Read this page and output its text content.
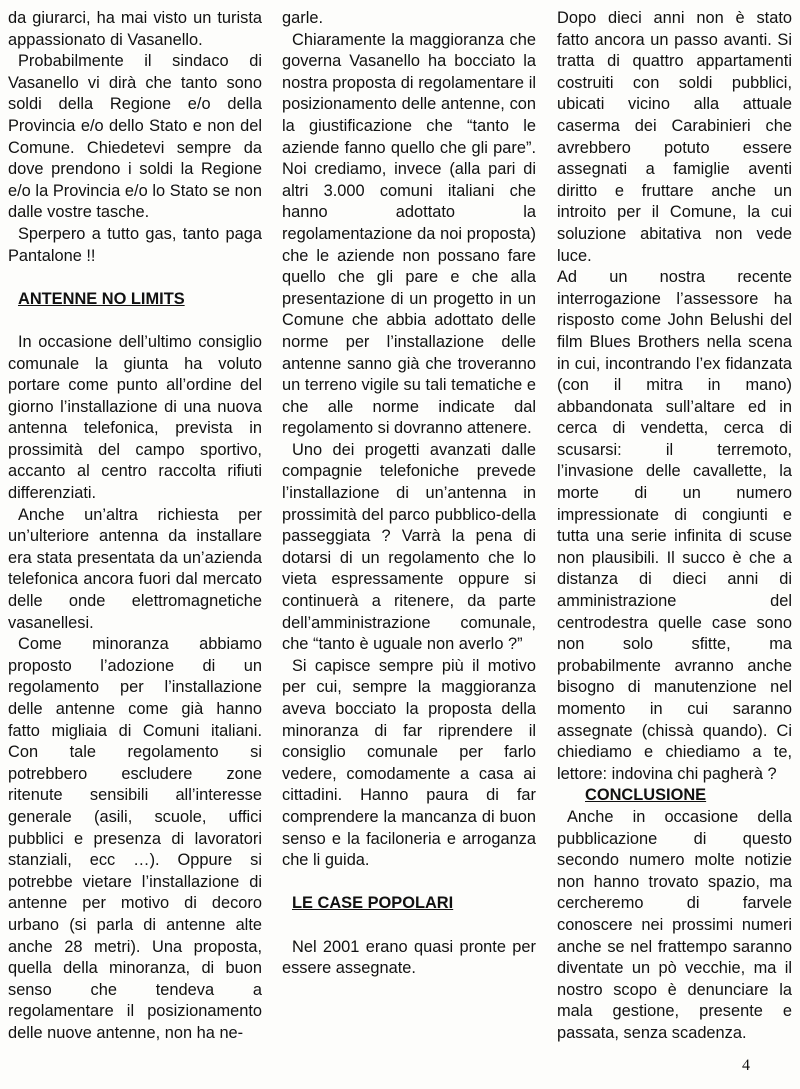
da giurarci, ha mai visto un turista appassionato di Vasanello.

Probabilmente il sindaco di Vasanello vi dirà che tanto sono soldi della Regione e/o della Provincia e/o dello Stato e non del Comune. Chiedetevi sempre da dove prendono i soldi la Regione e/o la Provincia e/o lo Stato se non dalle vostre tasche.

Sperpero a tutto gas, tanto paga Pantalone !!

ANTENNE NO LIMITS

In occasione dell’ultimo consiglio comunale la giunta ha voluto portare come punto all’ordine del giorno l’installazione di una nuova antenna telefonica, prevista in prossimità del campo sportivo, accanto al centro raccolta rifiuti differenziati.

Anche un’altra richiesta per un’ulteriore antenna da installare era stata presentata da un’azienda telefonica ancora fuori dal mercato delle onde elettromagnetiche vasanellesi.

Come minoranza abbiamo proposto l’adozione di un regolamento per l’installazione delle antenne come già hanno fatto migliaia di Comuni italiani. Con tale regolamento si potrebbero escludere zone ritenute sensibili all’interesse generale (asili, scuole, uffici pubblici e presenza di lavoratori stanziali, ecc …). Oppure si potrebbe vietare l’installazione di antenne per motivo di decoro urbano (si parla di antenne alte anche 28 metri). Una proposta, quella della minoranza, di buon senso che tendeva a regolamentare il posizionamento delle nuove antenne, non ha ne-

garle.

Chiaramente la maggioranza che governa Vasanello ha bocciato la nostra proposta di regolamentare il posizionamento delle antenne, con la giustificazione che “tanto le aziende fanno quello che gli pare”. Noi crediamo, invece (alla pari di altri 3.000 comuni italiani che hanno adottato la regolamentazione da noi proposta) che le aziende non possano fare quello che gli pare e che alla presentazione di un progetto in un Comune che abbia adottato delle norme per l’installazione delle antenne sanno già che troveranno un terreno vigile su tali tematiche e che alle norme indicate dal regolamento si dovranno attenere.

Uno dei progetti avanzati dalle compagnie telefoniche prevede l’installazione di un’antenna in prossimità del parco pubblico-della passeggiata ? Varrà la pena di dotarsi di un regolamento che lo vieta espressamente oppure si continuerà a ritenere, da parte dell’amministrazione comunale, che “tanto è uguale non averlo ?”

Si capisce sempre più il motivo per cui, sempre la maggioranza aveva bocciato la proposta della minoranza di far riprendere il consiglio comunale per farlo vedere, comodamente a casa ai cittadini. Hanno paura di far comprendere la mancanza di buon senso e la faciloneria e arroganza che li guida.

LE CASE POPOLARI

Nel 2001 erano quasi pronte per essere assegnate.

Dopo dieci anni non è stato fatto ancora un passo avanti. Si tratta di quattro appartamenti costruiti con soldi pubblici, ubicati vicino alla attuale caserma dei Carabinieri che avrebbero potuto essere assegnati a famiglie aventi diritto e fruttare anche un introito per il Comune, la cui soluzione abitativa non vede luce.

Ad un nostra recente interrogazione l’assessore ha risposto come John Belushi del film Blues Brothers nella scena in cui, incontrando l’ex fidanzata (con il mitra in mano) abbandonata sull’altare ed in cerca di vendetta, cerca di scusarsi: il terremoto, l’invasione delle cavallette, la morte di un numero impressionate di congiunti e tutta una serie infinita di scuse non plausibili. Il succo è che a distanza di dieci anni di amministrazione del centrodestra quelle case sono non solo sfitte, ma probabilmente avranno anche bisogno di manutenzione nel momento in cui saranno assegnate (chissà quando). Ci chiediamo e chiediamo a te, lettore: indovina chi pagherà ?

CONCLUSIONE

Anche in occasione della pubblicazione di questo secondo numero molte notizie non hanno trovato spazio, ma cercheremo di farvele conoscere nei prossimi numeri anche se nel frattempo saranno diventate un pò vecchie, ma il nostro scopo è denunciare la mala gestione, presente e passata, senza scadenza.

4
